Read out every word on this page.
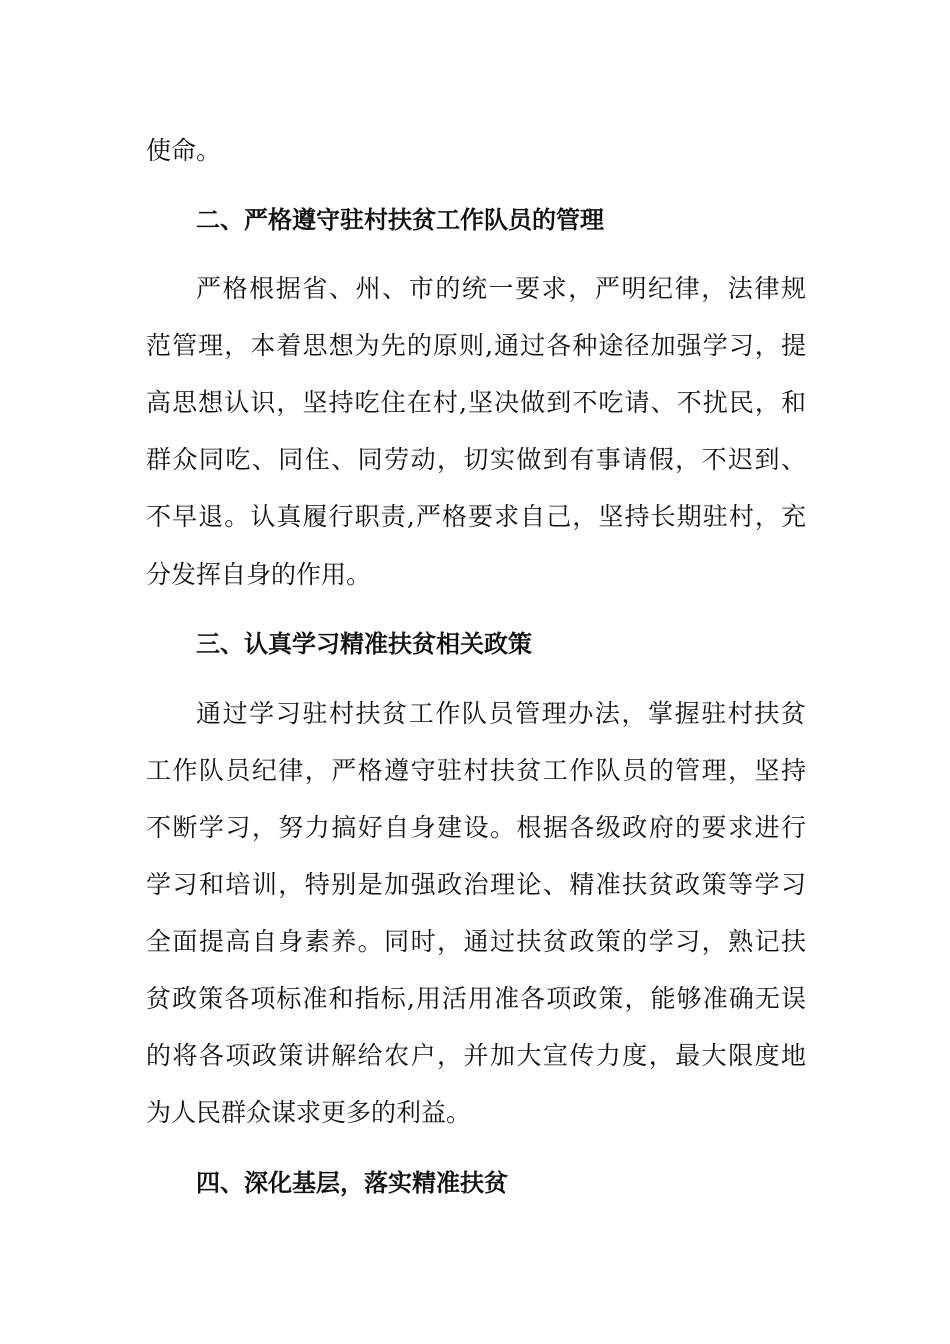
使命。
二、严格遵守驻村扶贫工作队员的管理
严格根据省、州、市的统一要求，严明纪律，法律规
范管理，本着思想为先的原则,通过各种途径加强学习，提
高思想认识，坚持吃住在村,坚决做到不吃请、不扰民，和
群众同吃、同住、同劳动，切实做到有事请假，不迟到、
不早退。认真履行职责,严格要求自己，坚持长期驻村，充
分发挥自身的作用。
三、认真学习精准扶贫相关政策
通过学习驻村扶贫工作队员管理办法，掌握驻村扶贫
工作队员纪律，严格遵守驻村扶贫工作队员的管理，坚持
不断学习，努力搞好自身建设。根据各级政府的要求进行
学习和培训，特别是加强政治理论、精准扶贫政策等学习
全面提高自身素养。同时，通过扶贫政策的学习，熟记扶
贫政策各项标准和指标,用活用准各项政策，能够准确无误
的将各项政策讲解给农户，并加大宣传力度，最大限度地
为人民群众谋求更多的利益。
四、深化基层，落实精准扶贫
